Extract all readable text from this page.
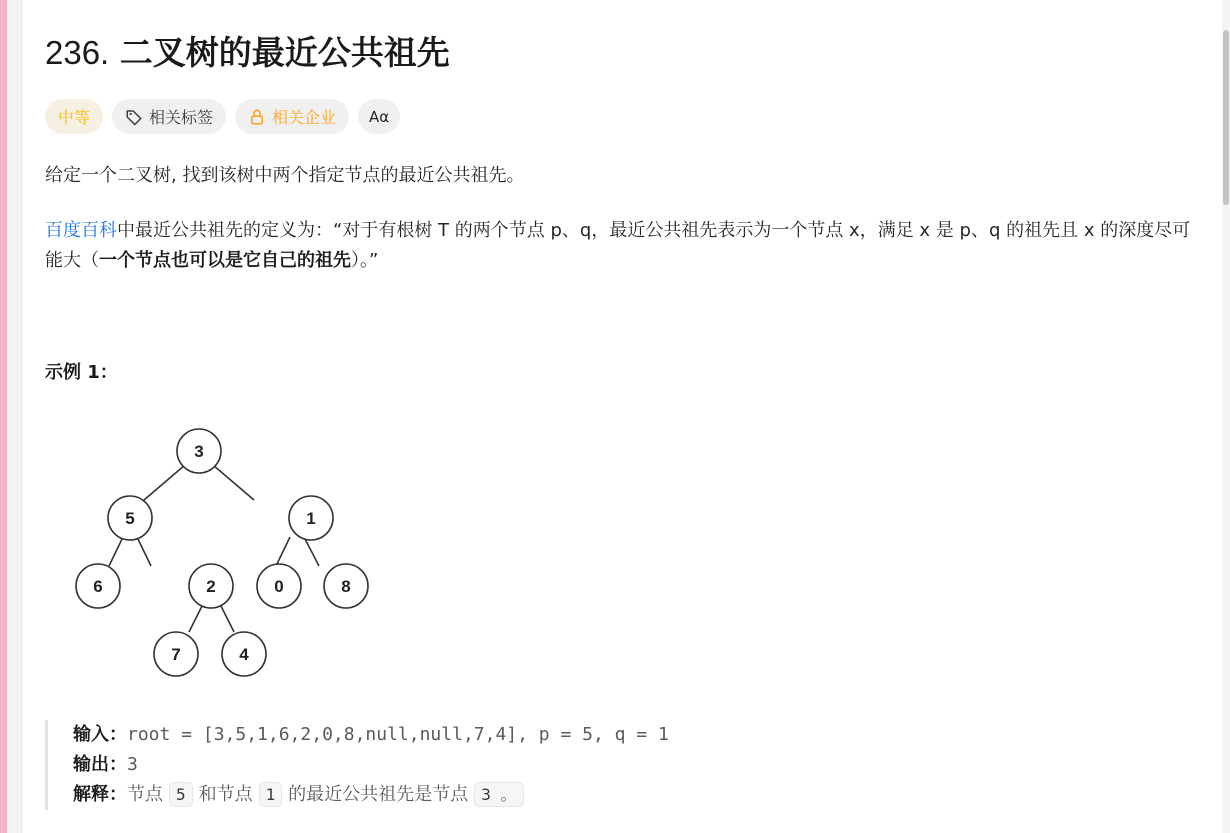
236. 二叉树的最近公共祖先
中等	相关标签	相关企业 Aα
给定一个二叉树, 找到该树中两个指定节点的最近公共祖先。
百度百科中最近公共祖先的定义为：“对于有根树 T 的两个节点 p、q，最近公共祖先表示为一个节点 x，满足 x 是 p、q 的祖先且 x 的深度尽可能大（一个节点也可以是它自己的祖先）。”
示例 1：
3
5	1
6	2	0	8
7	4
输入：root = [3,5,1,6,2,0,8,null,null,7,4], p = 5, q = 1
输出：3
解释：节点 5 和节点 1 的最近公共祖先是节点 3 。
